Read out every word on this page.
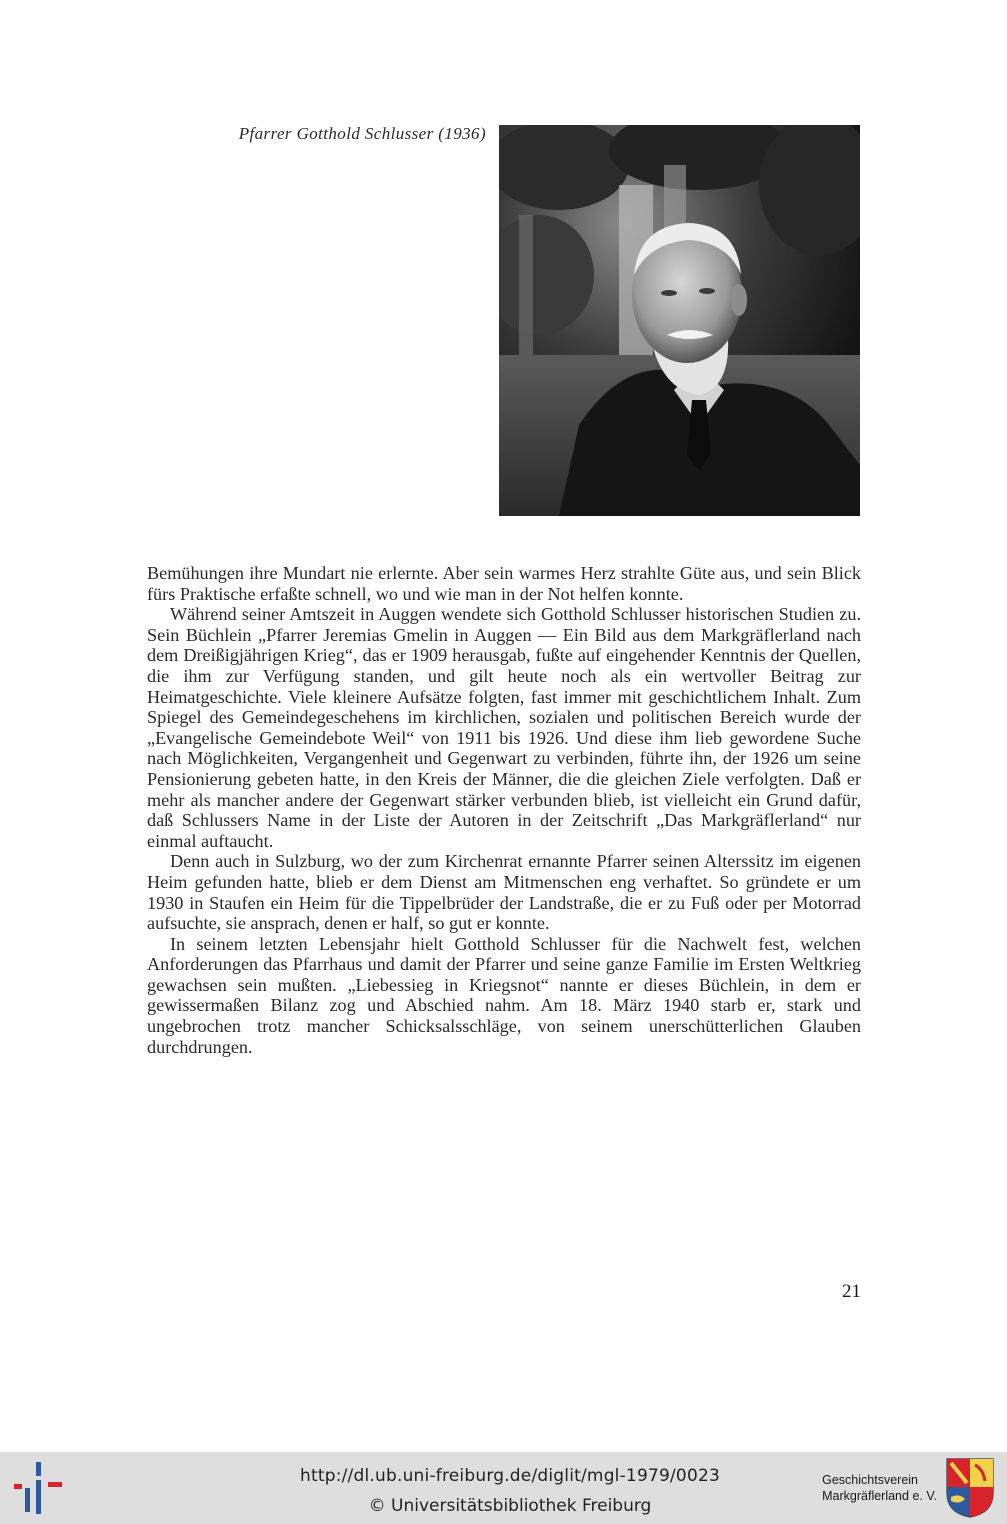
Pfarrer Gotthold Schlusser (1936)

Bemühungen ihre Mundart nie erlernte. Aber sein warmes Herz strahlte Güte aus, und sein Blick fürs Praktische erfaßte schnell, wo und wie man in der Not helfen konnte.

Während seiner Amtszeit in Auggen wendete sich Gotthold Schlusser historischen Studien zu. Sein Büchlein „Pfarrer Jeremias Gmelin in Auggen — Ein Bild aus dem Markgräflerland nach dem Dreißigjährigen Krieg“, das er 1909 herausgab, fußte auf eingehender Kenntnis der Quellen, die ihm zur Verfügung standen, und gilt heute noch als ein wertvoller Beitrag zur Heimatgeschichte. Viele kleinere Aufsätze folgten, fast immer mit geschichtlichem Inhalt. Zum Spiegel des Gemeindegeschehens im kirchlichen, sozialen und politischen Bereich wurde der „Evangelische Gemeindebote Weil“ von 1911 bis 1926. Und diese ihm lieb gewordene Suche nach Möglichkeiten, Vergangenheit und Gegenwart zu verbinden, führte ihn, der 1926 um seine Pensionierung gebeten hatte, in den Kreis der Männer, die die gleichen Ziele verfolgten. Daß er mehr als mancher andere der Gegenwart stärker verbunden blieb, ist vielleicht ein Grund dafür, daß Schlussers Name in der Liste der Autoren in der Zeitschrift „Das Markgräflerland“ nur einmal auftaucht.

Denn auch in Sulzburg, wo der zum Kirchenrat ernannte Pfarrer seinen Alterssitz im eigenen Heim gefunden hatte, blieb er dem Dienst am Mitmenschen eng verhaftet. So gründete er um 1930 in Staufen ein Heim für die Tippelbrüder der Landstraße, die er zu Fuß oder per Motorrad aufsuchte, sie ansprach, denen er half, so gut er konnte.

In seinem letzten Lebensjahr hielt Gotthold Schlusser für die Nachwelt fest, welchen Anforderungen das Pfarrhaus und damit der Pfarrer und seine ganze Familie im Ersten Weltkrieg gewachsen sein mußten. „Liebessieg in Kriegsnot“ nannte er dieses Büchlein, in dem er gewissermaßen Bilanz zog und Abschied nahm. Am 18. März 1940 starb er, stark und ungebrochen trotz mancher Schicksalsschläge, von seinem unerschütterlichen Glauben durchdrungen.

21
http://dl.ub.uni-freiburg.de/diglit/mgl-1979/0023
© Universitätsbibliothek Freiburg
Geschichtsverein
Markgräflerland e. V.
